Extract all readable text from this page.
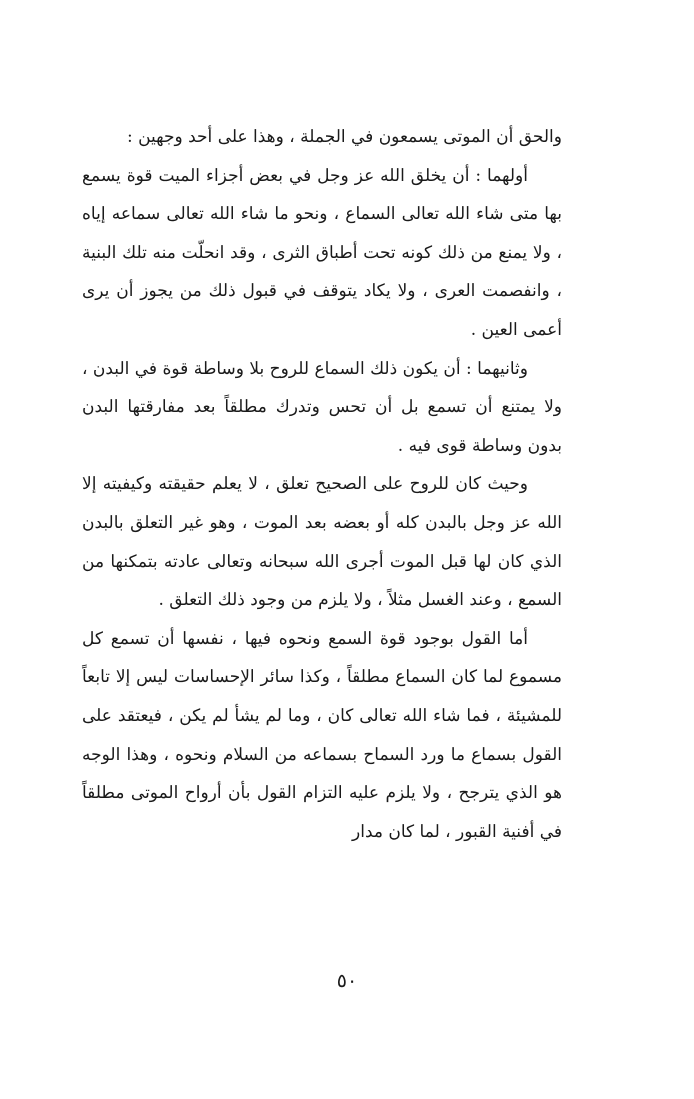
والحق أن الموتى يسمعون في الجملة ، وهذا على أحد وجهين :

أولهما : أن يخلق الله عز وجل في بعض أجزاء الميت قوة يسمع بها متى شاء الله تعالى السماع ، ونحو ما شاء الله تعالى سماعه إياه ، ولا يمنع من ذلك كونه تحت أطباق الثرى ، وقد انحلّت منه تلك البنية ، وانفصمت العرى ، ولا يكاد يتوقف في قبول ذلك من يجوز أن يرى أعمى العين .

وثانيهما : أن يكون ذلك السماع للروح بلا وساطة قوة في البدن ، ولا يمتنع أن تسمع بل أن تحس وتدرك مطلقاً بعد مفارقتها البدن بدون وساطة قوى فيه .

وحيث كان للروح على الصحيح تعلق ، لا يعلم حقيقته وكيفيته إلا الله عز وجل بالبدن كله أو بعضه بعد الموت ، وهو غير التعلق بالبدن الذي كان لها قبل الموت أجرى الله سبحانه وتعالى عادته بتمكنها من السمع ، وعند الغسل مثلاً ، ولا يلزم من وجود ذلك التعلق .

أما القول بوجود قوة السمع ونحوه فيها ، نفسها أن تسمع كل مسموع لما كان السماع مطلقاً ، وكذا سائر الإحساسات ليس إلا تابعاً للمشيئة ، فما شاء الله تعالى كان ، وما لم يشأ لم يكن ، فيعتقد على القول بسماع ما ورد السماح بسماعه من السلام ونحوه ، وهذا الوجه هو الذي يترجح ، ولا يلزم عليه التزام القول بأن أرواح الموتى مطلقاً في أفنية القبور ، لما كان مدار

٥٠
